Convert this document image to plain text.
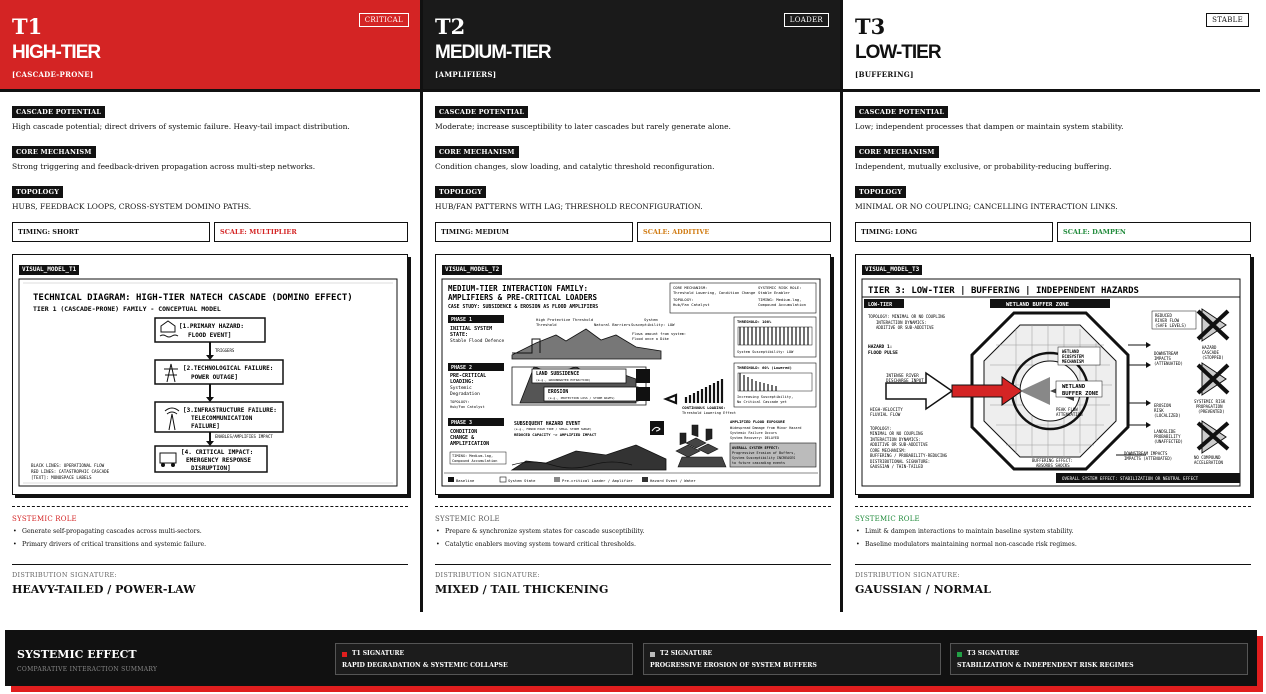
T1
HIGH-TIER
[CASCADE-PRONE]
CRITICAL
CASCADE POTENTIAL
High cascade potential; direct drivers of systemic failure. Heavy-tail impact distribution.
CORE MECHANISM
Strong triggering and feedback-driven propagation across multi-step networks.
TOPOLOGY
HUBS, FEEDBACK LOOPS, CROSS-SYSTEM DOMINO PATHS.
TIMING: SHORT	SCALE: MULTIPLIER
VISUAL_MODEL_T1
TECHNICAL DIAGRAM: HIGH-TIER NATECH CASCADE (DOMINO EFFECT)
TIER 1 (CASCADE-PRONE) FAMILY - CONCEPTUAL MODEL
[1.PRIMARY HAZARD:
FLOOD EVENT]
TRIGGERS
[2.TECHNOLOGICAL FAILURE:
POWER OUTAGE]
[3.INFRASTRUCTURE FAILURE:
TELECOMMUNICATION
FAILURE]
ENABLES/AMPLIFIES IMPACT
[4. CRITICAL IMPACT:
EMERGENCY RESPONSE
DISRUPTION]
BLACK LINES: OPERATIONAL FLOW
RED LINES: CATASTROPHIC CASCADE
[TEXT]: MONOSPACE LABELS
SYSTEMIC ROLE
• Generate self-propagating cascades across multi-sectors.
• Primary drivers of critical transitions and systemic failure.
DISTRIBUTION SIGNATURE:
HEAVY-TAILED / POWER-LAW
T2
MEDIUM-TIER
[AMPLIFIERS]
LOADER
CASCADE POTENTIAL
Moderate; increase susceptibility to later cascades but rarely generate alone.
CORE MECHANISM
Condition changes, slow loading, and catalytic threshold reconfiguration.
TOPOLOGY
HUB/FAN PATTERNS WITH LAG; THRESHOLD RECONFIGURATION.
TIMING: MEDIUM	SCALE: ADDITIVE
VISUAL_MODEL_T2
MEDIUM-TIER INTERACTION FAMILY:
AMPLIFIERS & PRE-CRITICAL LOADERS
CASE STUDY: SUBSIDENCE & EROSION AS FLOOD AMPLIFIERS
CORE MECHANISM:
Threshold Lowering, Condition Change
SYSTEMIC RISK ROLE:
Stable Enabler
TOPOLOGY:
Hub/Fan Catalyst
TIMING: Medium-lag,
Compound Accumulation
PHASE 1
INITIAL SYSTEM
STATE:
Stable Flood Defence
High Protective Threshold
Threshold	Natural Barriers
System
Susceptibility: LOW
Flows amount from system:
Flood once a Dike
THRESHOLD: 100%
System Susceptibility: LOW
PHASE 2
PRE-CRITICAL
LOADING:
Systemic
Degradation
LAND SUBSIDENCE
(e.g., GROUNDWATER EXTRACTION)
EROSION
(e.g., PROTECTION LOSS / STORM WAVES)
TOPOLOGY:
Hub/Fan Catalyst	CONTINUOUS LOADING:
Threshold Lowering Effect
THRESHOLD: 60% (Lowered)
Increasing Susceptibility,
No Critical Cascade yet
PHASE 3
CONDITION
CHANGE &
AMPLIFICATION
TIMING: Medium-lag,
Compound Accumulation
SUBSEQUENT HAZARD EVENT
(e.g., MINOR HIGH TIDE / SMALL STORM SURGE)
REDUCED CAPACITY -> AMPLIFIED IMPACT
AMPLIFIED FLOOD EXPOSURE
Widespread Damage from Minor Hazard
Systemic Failure Occurs
System Recovery: DELAYED
OVERALL SYSTEM EFFECT:
Progressive Erosion of Buffers,
System Susceptibility INCREASES
to future cascading events
Baseline	System State	Pre-critical Loader / Amplifier	Hazard Event / Water
SYSTEMIC ROLE
• Prepare & synchronize system states for cascade susceptibility.
• Catalytic enablers moving system toward critical thresholds.
DISTRIBUTION SIGNATURE:
MIXED / TAIL THICKENING
T3
LOW-TIER
[BUFFERING]
STABLE
CASCADE POTENTIAL
Low; independent processes that dampen or maintain system stability.
CORE MECHANISM
Independent, mutually exclusive, or probability-reducing buffering.
TOPOLOGY
MINIMAL OR NO COUPLING; CANCELLING INTERACTION LINKS.
TIMING: LONG	SCALE: DAMPEN
VISUAL_MODEL_T3
TIER 3: LOW-TIER | BUFFERING | INDEPENDENT HAZARDS
LOW-TIER	WETLAND BUFFER ZONE
TOPOLOGY: MINIMAL OR NO COUPLING
INTERACTION DYNAMICS:
ADDITIVE OR SUB-ADDITIVE
HAZARD 1:
FLOOD PULSE
INTENSE RIVER
DISCHARGE INPUT
HIGH-VELOCITY
FLUVIAL FLOW
TOPOLOGY:
MINIMAL OR NO COUPLING
INTERACTION DYNAMICS:
ADDITIVE OR SUB-ADDITIVE
CORE MECHANISM:
BUFFERING / PROBABILITY-REDUCING
DISTRIBUTIONAL SIGNATURE:
GAUSSIAN / THIN-TAILED
WETLAND
ECOSYSTEM
MECHANISM
WETLAND
BUFFER ZONE
PEAK FLOW
ATTENUATION
BUFFERING EFFECT:
ABSORBS SHOCKS
REDUCED
RIVER FLOW
(SAFE LEVELS)
DOWNSTREAM
IMPACTS
(ATTENUATED)
EROSION
RISK
(LOCALIZED)
LANDSLIDE
PROBABILITY
(UNAFFECTED)
DOWNSTREAM IMPACTS
IMPACTS (ATTENUATED)
HAZARD
CASCADE
(STOPPED)
SYSTEMIC RISK
PROPAGATION
(PREVENTED)
NO COMPOUND
ACCELERATION
OVERALL SYSTEM EFFECT: STABILIZATION OR NEUTRAL EFFECT
SYSTEMIC ROLE
• Limit & dampen interactions to maintain baseline system stability.
• Baseline modulators maintaining normal non-cascade risk regimes.
DISTRIBUTION SIGNATURE:
GAUSSIAN / NORMAL
SYSTEMIC EFFECT
COMPARATIVE INTERACTION SUMMARY
T1 SIGNATURE
RAPID DEGRADATION & SYSTEMIC COLLAPSE
T2 SIGNATURE
PROGRESSIVE EROSION OF SYSTEM BUFFERS
T3 SIGNATURE
STABILIZATION & INDEPENDENT RISK REGIMES
